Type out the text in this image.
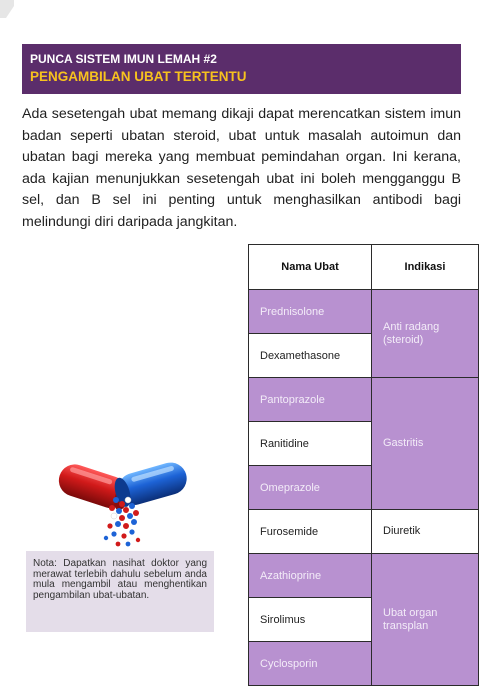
PUNCA SISTEM IMUN LEMAH #2
PENGAMBILAN UBAT TERTENTU
Ada sesetengah ubat memang dikaji dapat merencatkan sistem imun badan seperti ubatan steroid, ubat untuk masalah autoimun dan ubatan bagi mereka yang membuat pemindahan organ. Ini kerana, ada kajian menunjukkan sesetengah ubat ini boleh mengganggu B sel, dan B sel ini penting untuk menghasilkan antibodi bagi melindungi diri daripada jangkitan.
Nota: Dapatkan nasihat doktor yang merawat terlebih dahulu sebelum anda mula mengambil atau menghentikan pengambilan ubat-ubatan.
Nama Ubat	Indikasi
Prednisolone	Anti radang (steroid)
Dexamethasone	
Pantoprazole	Gastritis
Ranitidine	
Omeprazole	
Furosemide	Diuretik
Azathioprine	Ubat organ transplan
Sirolimus	
Cyclosporin	
